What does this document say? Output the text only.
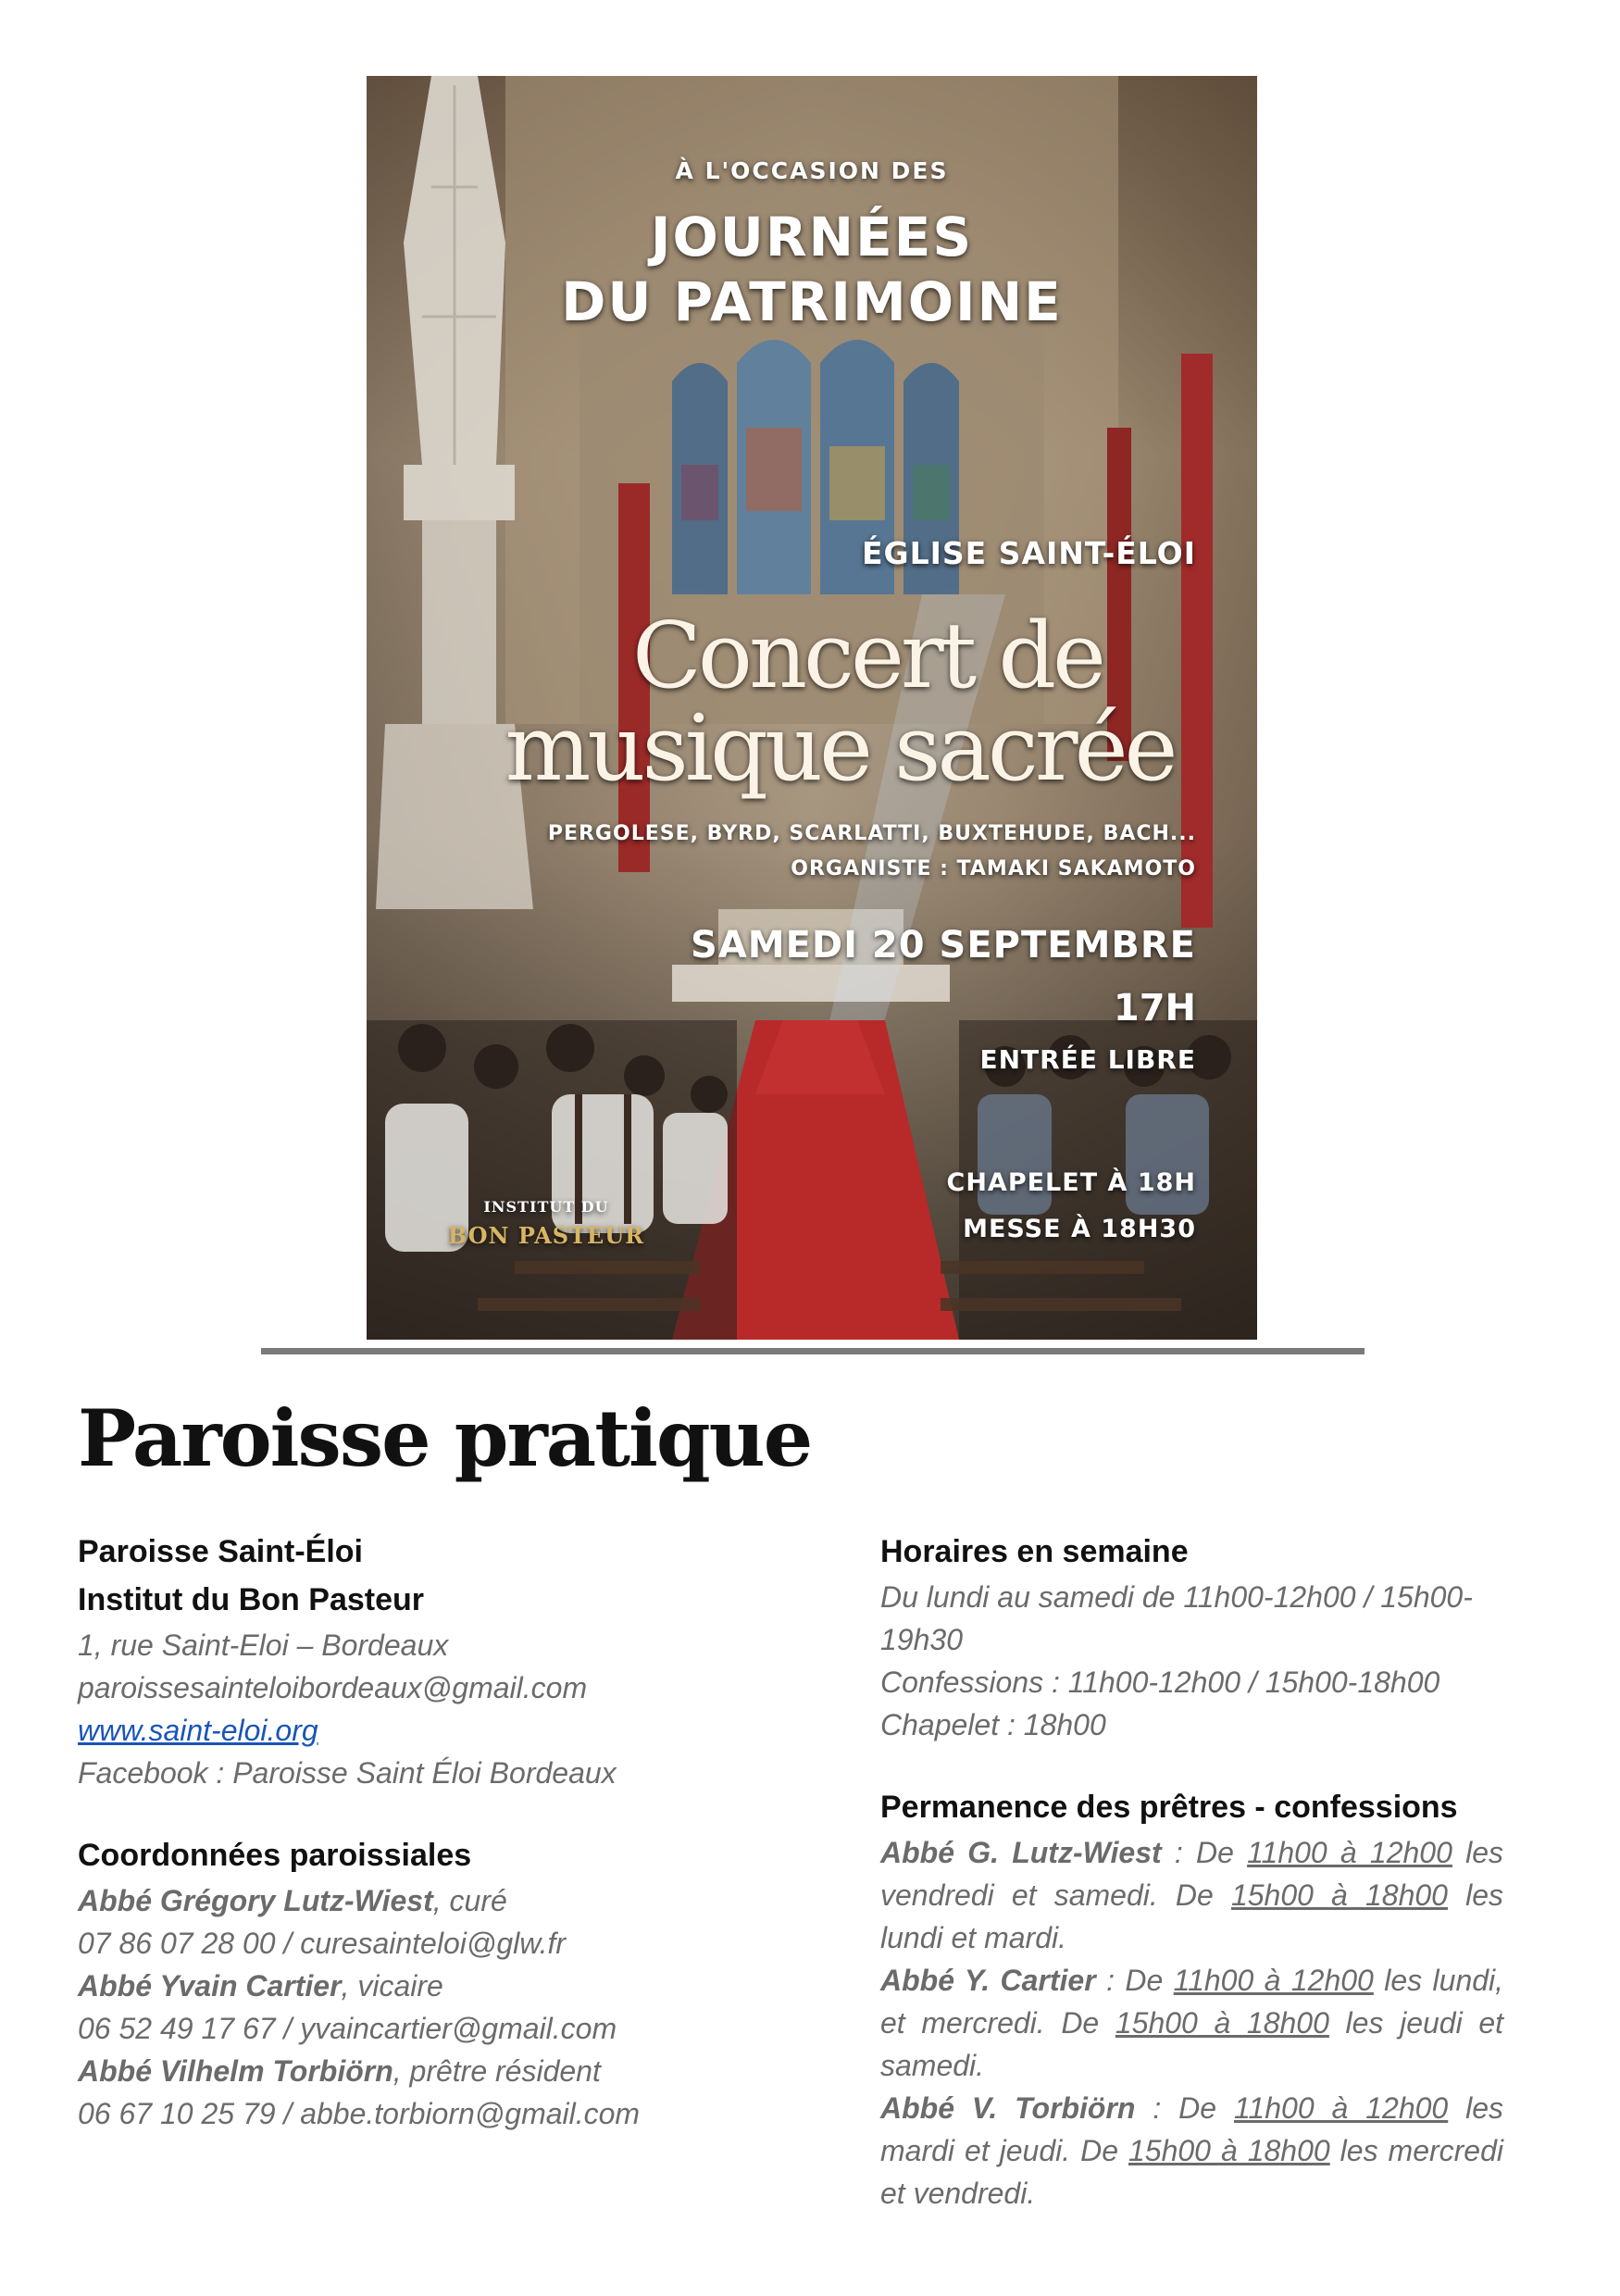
À L'OCCASION DES
JOURNÉES
DU PATRIMOINE
ÉGLISE SAINT-ÉLOI
Concert de
musique sacrée
PERGOLESE, BYRD, SCARLATTI, BUXTEHUDE, BACH...
ORGANISTE : TAMAKI SAKAMOTO
SAMEDI 20 SEPTEMBRE
17H
ENTRÉE LIBRE
CHAPELET À 18H
MESSE À 18H30
INSTITUT DU
BON PASTEUR
Paroisse pratique
Paroisse Saint-Éloi
Institut du Bon Pasteur
1, rue Saint-Eloi – Bordeaux
paroissesainteloibordeaux@gmail.com
www.saint-eloi.org
Facebook : Paroisse Saint Éloi Bordeaux
Coordonnées paroissiales
Abbé Grégory Lutz-Wiest, curé
07 86 07 28 00 / curesainteloi@glw.fr
Abbé Yvain Cartier, vicaire
06 52 49 17 67 / yvaincartier@gmail.com
Abbé Vilhelm Torbiörn, prêtre résident
06 67 10 25 79 / abbe.torbiorn@gmail.com
Horaires en semaine
Du lundi au samedi de 11h00-12h00 / 15h00-19h30
Confessions : 11h00-12h00 / 15h00-18h00
Chapelet : 18h00
Permanence des prêtres - confessions
Abbé G. Lutz-Wiest : De 11h00 à 12h00 les vendredi et samedi. De 15h00 à 18h00 les lundi et mardi.
Abbé Y. Cartier : De 11h00 à 12h00 les lundi, et mercredi. De 15h00 à 18h00 les jeudi et samedi.
Abbé V. Torbiörn : De 11h00 à 12h00 les mardi et jeudi. De 15h00 à 18h00 les mercredi et vendredi.
